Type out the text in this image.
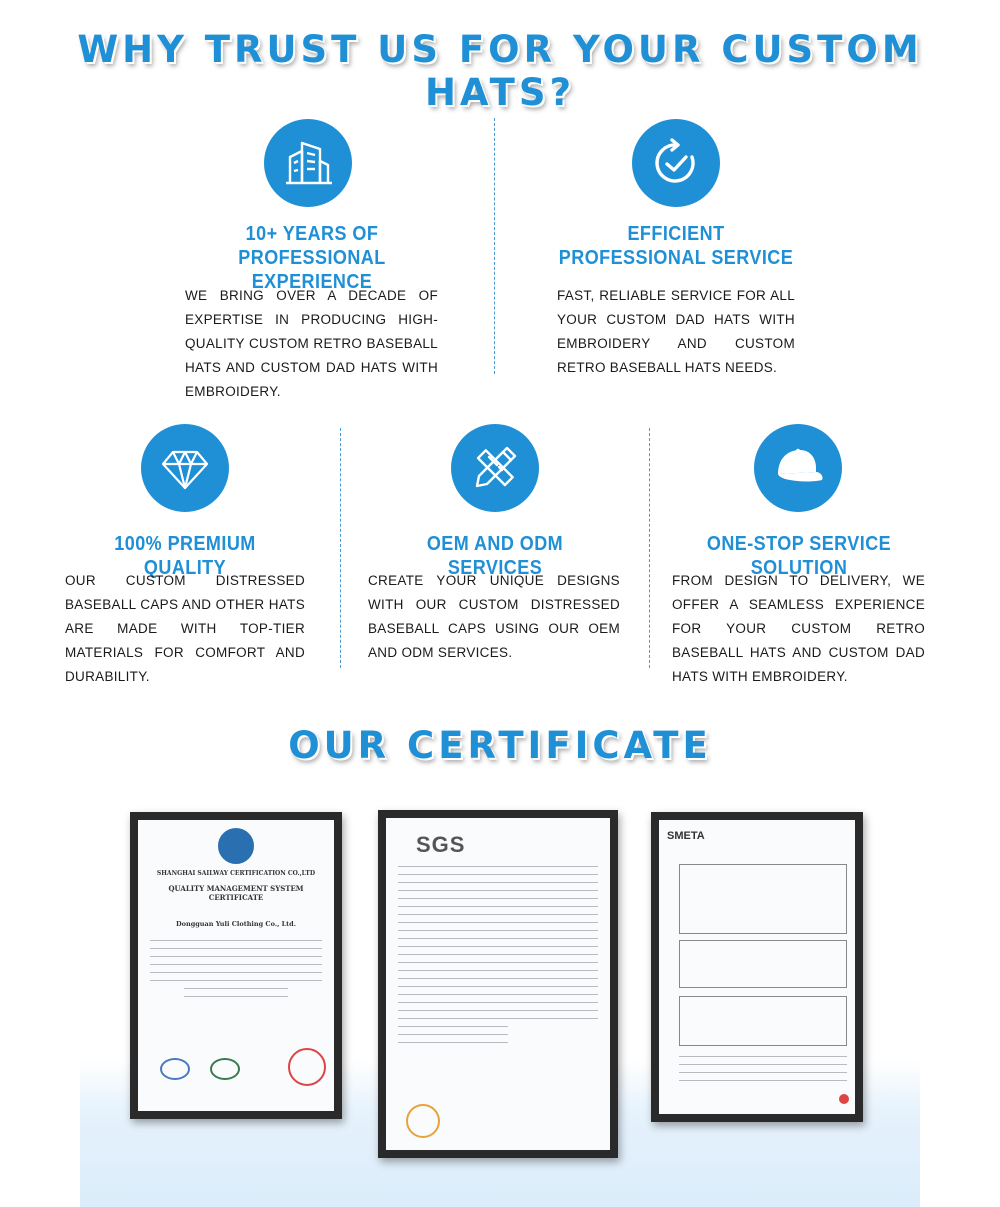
WHY TRUST US FOR YOUR CUSTOM HATS?
10+ YEARS OF PROFESSIONAL EXPERIENCE
WE BRING OVER A DECADE OF EXPERTISE IN PRODUCING HIGH-QUALITY CUSTOM RETRO BASEBALL HATS AND CUSTOM DAD HATS WITH EMBROIDERY.
EFFICIENT PROFESSIONAL SERVICE
FAST, RELIABLE SERVICE FOR ALL YOUR CUSTOM DAD HATS WITH EMBROIDERY AND CUSTOM RETRO BASEBALL HATS NEEDS.
100% PREMIUM QUALITY
OUR CUSTOM DISTRESSED BASEBALL CAPS AND OTHER HATS ARE MADE WITH TOP-TIER MATERIALS FOR COMFORT AND DURABILITY.
OEM AND ODM SERVICES
CREATE YOUR UNIQUE DESIGNS WITH OUR CUSTOM DISTRESSED BASEBALL CAPS USING OUR OEM AND ODM SERVICES.
ONE-STOP SERVICE SOLUTION
FROM DESIGN TO DELIVERY, WE OFFER A SEAMLESS EXPERIENCE FOR YOUR CUSTOM RETRO BASEBALL HATS AND CUSTOM DAD HATS WITH EMBROIDERY.
OUR CERTIFICATE
SHANGHAI SAILWAY CERTIFICATION CO.,LTD
QUALITY MANAGEMENT SYSTEM CERTIFICATE
Dongguan Yuli Clothing Co., Ltd.
SGS	SMETA
